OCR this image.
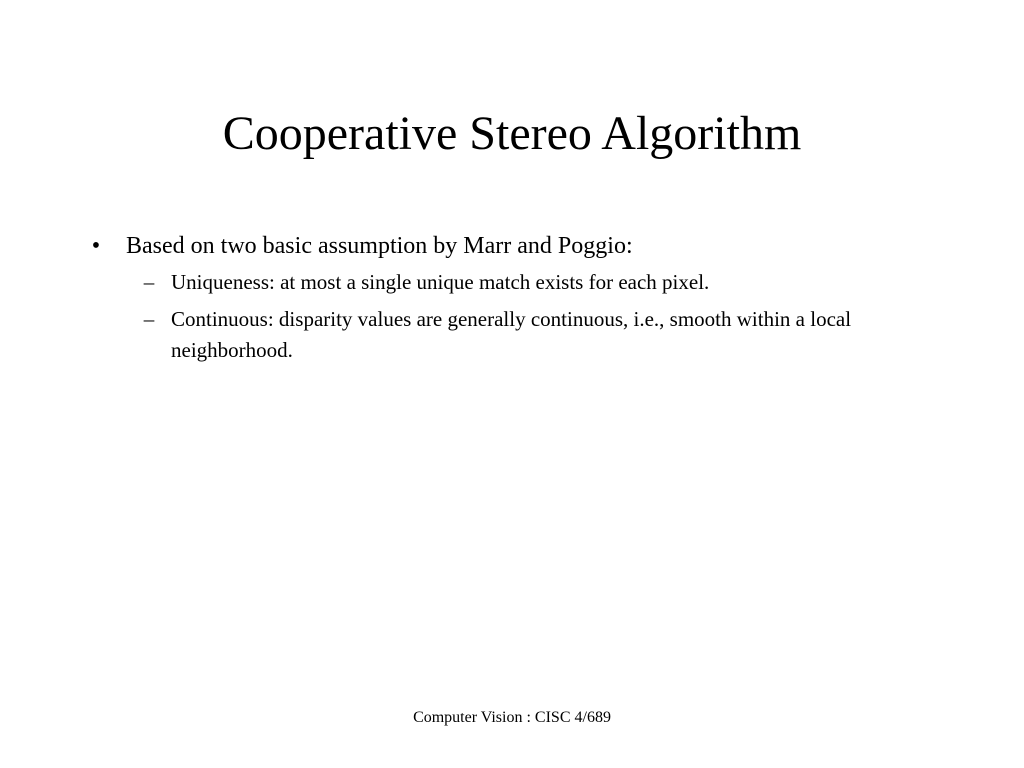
Cooperative Stereo Algorithm
• Based on two basic assumption by Marr and Poggio:
– Uniqueness: at most a single unique match exists for each pixel.
– Continuous: disparity values are generally continuous, i.e., smooth within a local neighborhood.
Computer Vision : CISC 4/689
